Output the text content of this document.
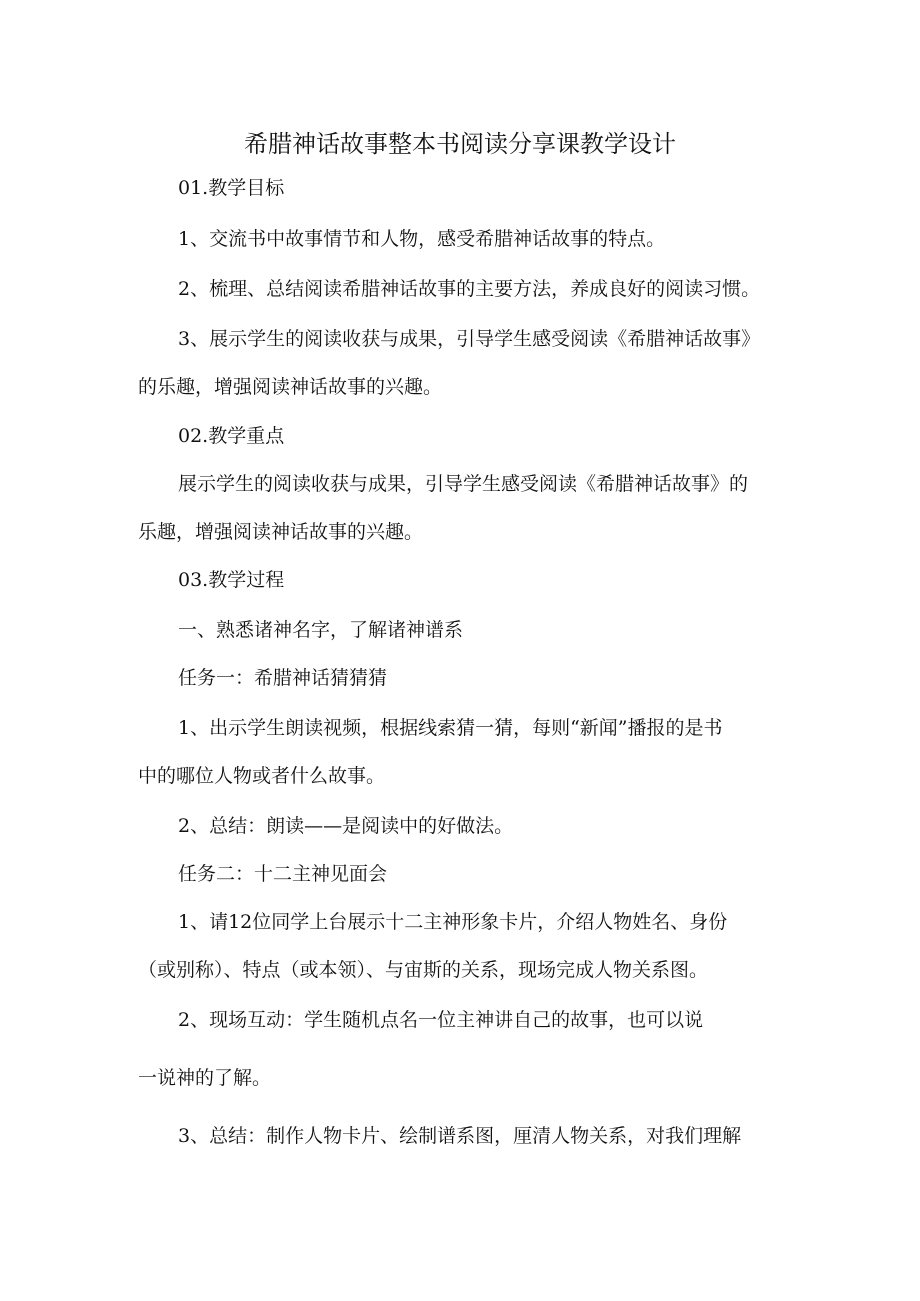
希腊神话故事整本书阅读分享课教学设计
01.教学目标
1、交流书中故事情节和人物，感受希腊神话故事的特点。
2、梳理、总结阅读希腊神话故事的主要方法，养成良好的阅读习惯。
3、展示学生的阅读收获与成果，引导学生感受阅读《希腊神话故事》
的乐趣，增强阅读神话故事的兴趣。
02.教学重点
展示学生的阅读收获与成果，引导学生感受阅读《希腊神话故事》的
乐趣，增强阅读神话故事的兴趣。
03.教学过程
一、熟悉诸神名字，了解诸神谱系
任务一：希腊神话猜猜猜
1、出示学生朗读视频，根据线索猜一猜，每则“新闻”播报的是书
中的哪位人物或者什么故事。
2、总结：朗读——是阅读中的好做法。
任务二：十二主神见面会
1、请12位同学上台展示十二主神形象卡片，介绍人物姓名、身份
（或别称）、特点（或本领）、与宙斯的关系，现场完成人物关系图。
2、现场互动：学生随机点名一位主神讲自己的故事，也可以说
一说神的了解。
3、总结：制作人物卡片、绘制谱系图，厘清人物关系，对我们理解
